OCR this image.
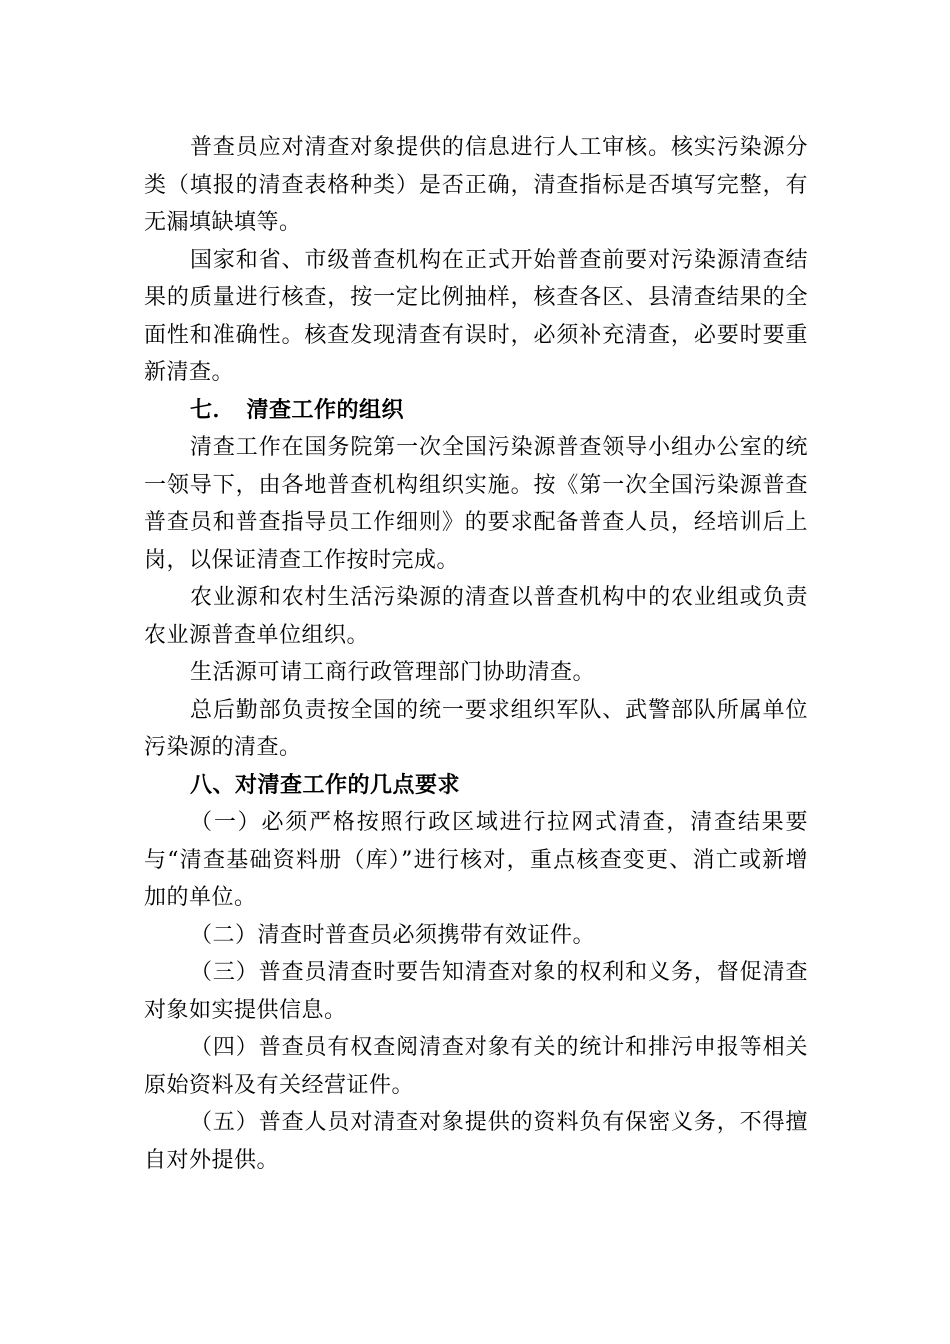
普查员应对清查对象提供的信息进行人工审核。核实污染源分类（填报的清查表格种类）是否正确，清查指标是否填写完整，有无漏填缺填等。

国家和省、市级普查机构在正式开始普查前要对污染源清查结果的质量进行核查，按一定比例抽样，核查各区、县清查结果的全面性和准确性。核查发现清查有误时，必须补充清查，必要时要重新清查。

七．　清查工作的组织

清查工作在国务院第一次全国污染源普查领导小组办公室的统一领导下，由各地普查机构组织实施。按《第一次全国污染源普查普查员和普查指导员工作细则》的要求配备普查人员，经培训后上岗，以保证清查工作按时完成。

农业源和农村生活污染源的清查以普查机构中的农业组或负责农业源普查单位组织。

生活源可请工商行政管理部门协助清查。

总后勤部负责按全国的统一要求组织军队、武警部队所属单位污染源的清查。

八、对清查工作的几点要求

（一）必须严格按照行政区域进行拉网式清查，清查结果要与“清查基础资料册（库）”进行核对，重点核查变更、消亡或新增加的单位。

（二）清查时普查员必须携带有效证件。

（三）普查员清查时要告知清查对象的权利和义务，督促清查对象如实提供信息。

（四）普查员有权查阅清查对象有关的统计和排污申报等相关原始资料及有关经营证件。

（五）普查人员对清查对象提供的资料负有保密义务，不得擅自对外提供。
